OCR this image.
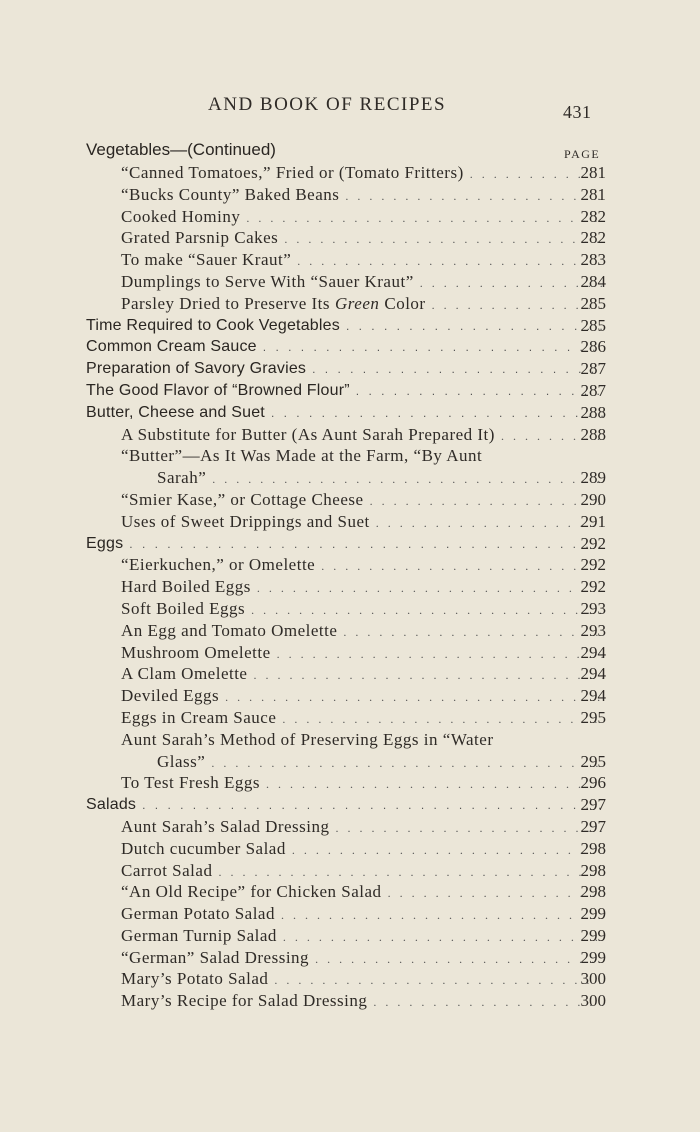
AND BOOK OF RECIPES	431
Vegetables—(Continued)	PAGE
“Canned Tomatoes,” Fried or (Tomato Fritters) . . .	281
“Bucks County” Baked Beans . . .	281
Cooked Hominy . . .	282
Grated Parsnip Cakes . . .	282
To make “Sauer Kraut” . . .	283
Dumplings to Serve With “Sauer Kraut” . . .	284
Parsley Dried to Preserve Its Green Color . . .	285
Time Required to Cook Vegetables . . .	285
Common Cream Sauce . . .	286
Preparation of Savory Gravies . . .	287
The Good Flavor of “Browned Flour” . . .	287
Butter, Cheese and Suet . . .	288
A Substitute for Butter (As Aunt Sarah Prepared It) . . .	288
“Butter”—As It Was Made at the Farm, “By Aunt
Sarah” . . .	289
“Smier Kase,” or Cottage Cheese . . .	290
Uses of Sweet Drippings and Suet . . .	291
Eggs . . .	292
“Eierkuchen,” or Omelette . . .	292
Hard Boiled Eggs . . .	292
Soft Boiled Eggs . . .	293
An Egg and Tomato Omelette . . .	293
Mushroom Omelette . . .	294
A Clam Omelette . . .	294
Deviled Eggs . . .	294
Eggs in Cream Sauce . . .	295
Aunt Sarah’s Method of Preserving Eggs in “Water
Glass” . . .	295
To Test Fresh Eggs . . .	296
Salads . . .	297
Aunt Sarah’s Salad Dressing . . .	297
Dutch cucumber Salad . . .	298
Carrot Salad . . .	298
“An Old Recipe” for Chicken Salad . . .	298
German Potato Salad . . .	299
German Turnip Salad . . .	299
“German” Salad Dressing . . .	299
Mary’s Potato Salad . . .	300
Mary’s Recipe for Salad Dressing . . .	300
